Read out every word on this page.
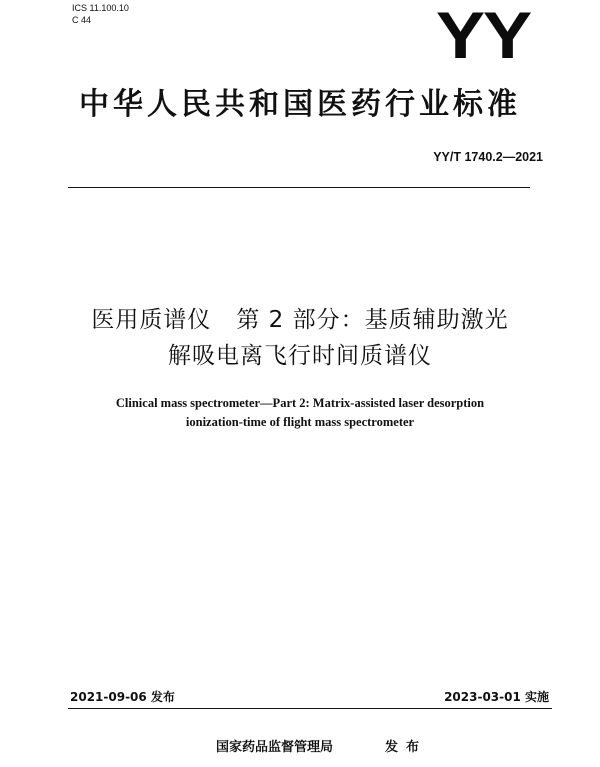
ICS 11.100.10
C 44	YY
中华人民共和国医药行业标准
YY/T 1740.2—2021
医用质谱仪   第 2 部分：基质辅助激光
解吸电离飞行时间质谱仪
Clinical mass spectrometer—Part 2: Matrix-assisted laser desorption
ionization-time of flight mass spectrometer
2021-09-06 发布	2023-03-01 实施
国家药品监督管理局	发布
